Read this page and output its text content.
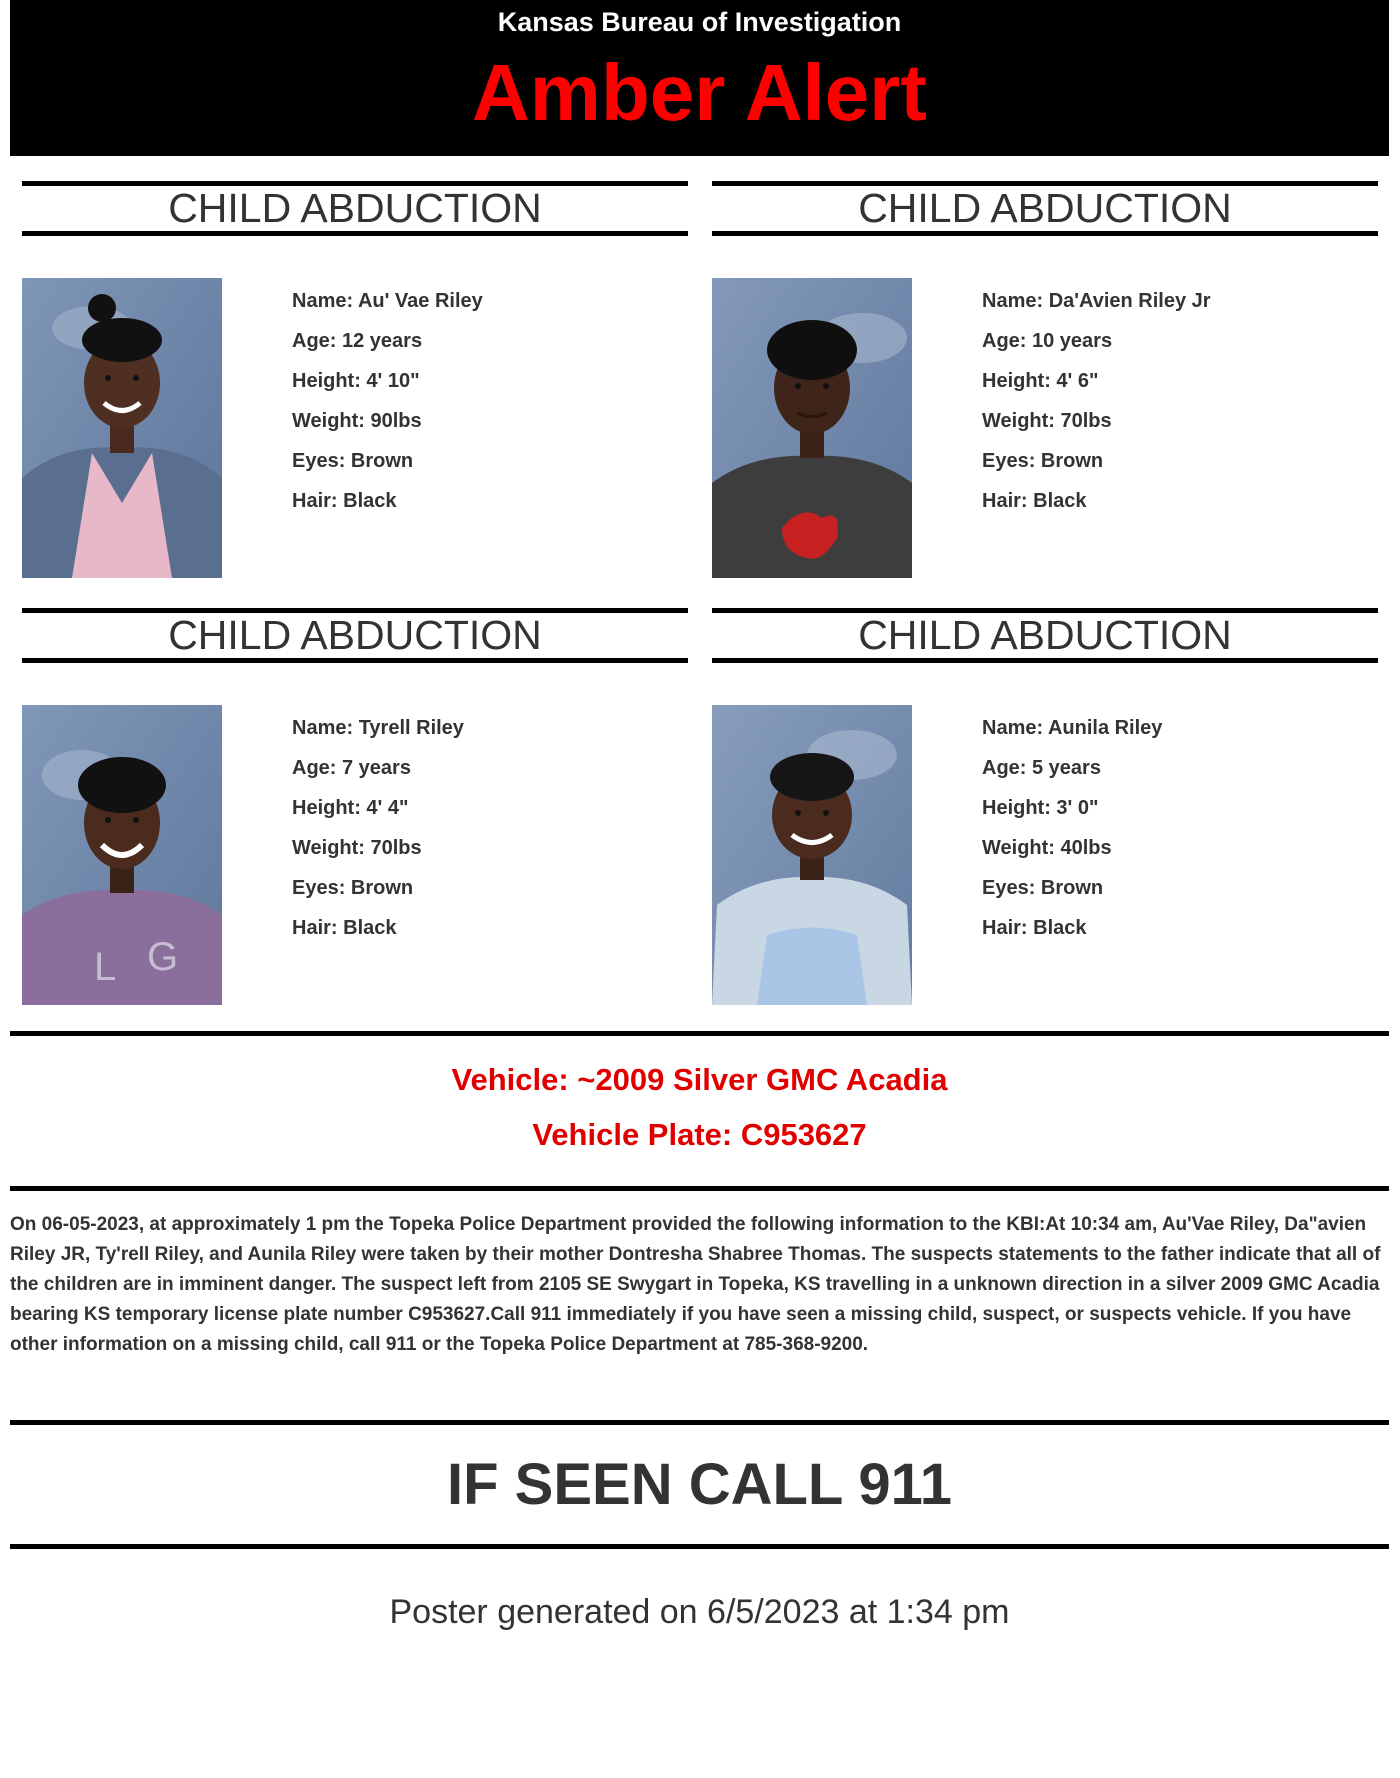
Kansas Bureau of Investigation
Amber Alert
CHILD ABDUCTION
Name: Au' Vae Riley
Age: 12 years
Height: 4' 10"
Weight: 90lbs
Eyes: Brown
Hair: Black
CHILD ABDUCTION
Name: Da'Avien Riley Jr
Age: 10 years
Height: 4' 6"
Weight: 70lbs
Eyes: Brown
Hair: Black
CHILD ABDUCTION
L G
Name: Tyrell Riley
Age: 7 years
Height: 4' 4"
Weight: 70lbs
Eyes: Brown
Hair: Black
CHILD ABDUCTION
Name: Aunila Riley
Age: 5 years
Height: 3' 0"
Weight: 40lbs
Eyes: Brown
Hair: Black
Vehicle: ~2009 Silver GMC Acadia
Vehicle Plate: C953627
On 06-05-2023, at approximately 1 pm the Topeka Police Department provided the following information to the KBI:At 10:34 am, Au'Vae Riley, Da"avien Riley JR, Ty'rell Riley, and Aunila Riley were taken by their mother Dontresha Shabree Thomas. The suspects statements to the father indicate that all of the children are in imminent danger. The suspect left from 2105 SE Swygart in Topeka, KS travelling in a unknown direction in a silver 2009 GMC Acadia bearing KS temporary license plate number C953627.Call 911 immediately if you have seen a missing child, suspect, or suspects vehicle. If you have other information on a missing child, call 911 or the Topeka Police Department at 785-368-9200.
IF SEEN CALL 911
Poster generated on 6/5/2023 at 1:34 pm
